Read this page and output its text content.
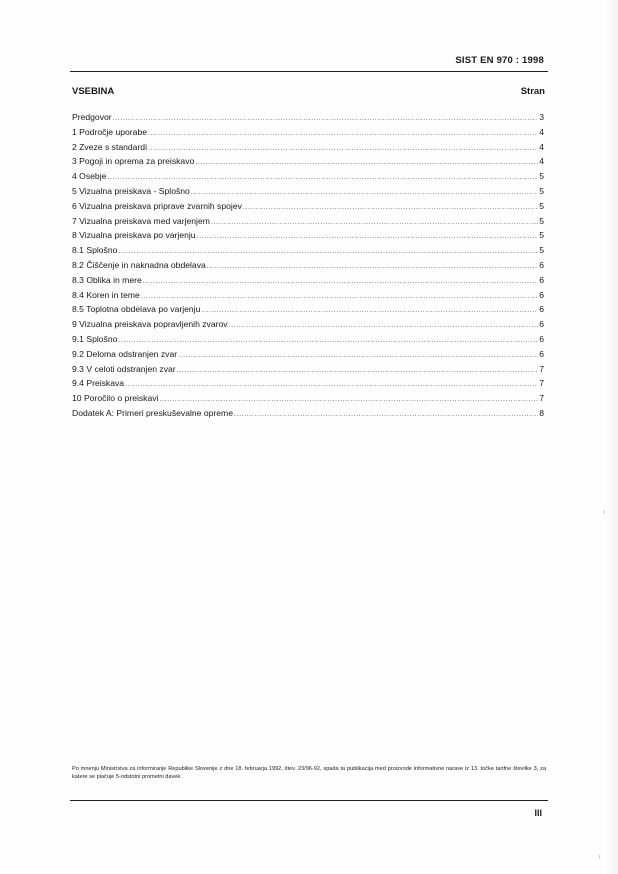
SIST EN 970 : 1998
VSEBINA	Stran
Predgovor .....	3
1 Področje uporabe .....	4
2 Zveze s standardi .....	4
3 Pogoji in oprema za preiskavo .....	4
4 Osebje .....	5
5 Vizualna preiskava - Splošno .....	5
6 Vizualna preiskava priprave zvarnih spojev .....	5
7 Vizualna preiskava med varjenjem .....	5
8 Vizualna preiskava po varjenju .....	5
8.1 Splošno .....	5
8.2 Čiščenje in naknadna obdelava .....	6
8.3 Oblika in mere .....	6
8.4 Koren in teme .....	6
8.5 Toplotna obdelava po varjenju .....	6
9 Vizualna preiskava popravljenih zvarov .....	6
9.1 Splošno .....	6
9.2 Deloma odstranjen zvar .....	6
9.3 V celoti odstranjen zvar .....	7
9.4 Preiskava .....	7
10 Poročilo o preiskavi .....	7
Dodatek A: Primeri preskuševalne opreme .....	8
Po mnenju Ministrstva za informiranje Republike Slovenije z dne 18. februarja 1992, štev. 23/96-92, spada ta publikacija med proizvode informativne narave iz 13. točke tarifne številke 3, za katere se plačuje 5-odstotni prometni davek.
III
